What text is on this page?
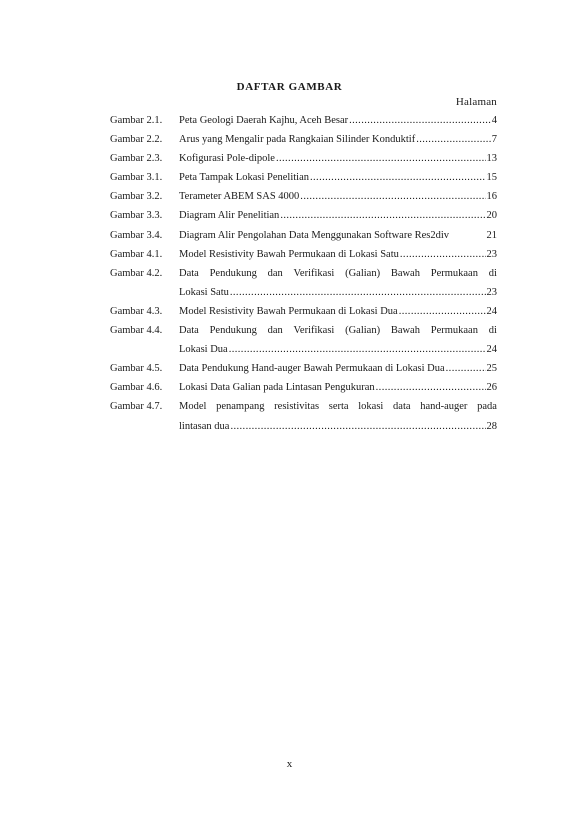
DAFTAR GAMBAR
Halaman
Gambar 2.1.	Peta Geologi Daerah Kajhu, Aceh Besar .....	4
Gambar 2.2.	Arus yang Mengalir pada Rangkaian Silinder Konduktif .....	7
Gambar 2.3.	Kofigurasi Pole-dipole .....	13
Gambar 3.1.	Peta Tampak Lokasi Penelitian .....	15
Gambar 3.2.	Terameter ABEM SAS 4000 .....	16
Gambar 3.3.	Diagram Alir Penelitian .....	20
Gambar 3.4.	Diagram Alir Pengolahan Data Menggunakan Software Res2div	21
Gambar 4.1.	Model Resistivity Bawah Permukaan di Lokasi Satu .....	23
Gambar 4.2.	Data Pendukung dan Verifikasi (Galian) Bawah Permukaan di
Lokasi Satu .....	23
Gambar 4.3.	Model Resistivity Bawah Permukaan di Lokasi Dua .....	24
Gambar 4.4.	Data Pendukung dan Verifikasi (Galian) Bawah Permukaan di
Lokasi Dua .....	24
Gambar 4.5.	Data Pendukung Hand-auger Bawah Permukaan di Lokasi Dua .....	25
Gambar 4.6.	Lokasi Data Galian pada Lintasan Pengukuran .....	26
Gambar 4.7.	Model penampang resistivitas serta lokasi data hand-auger pada
lintasan dua .....	28
x
